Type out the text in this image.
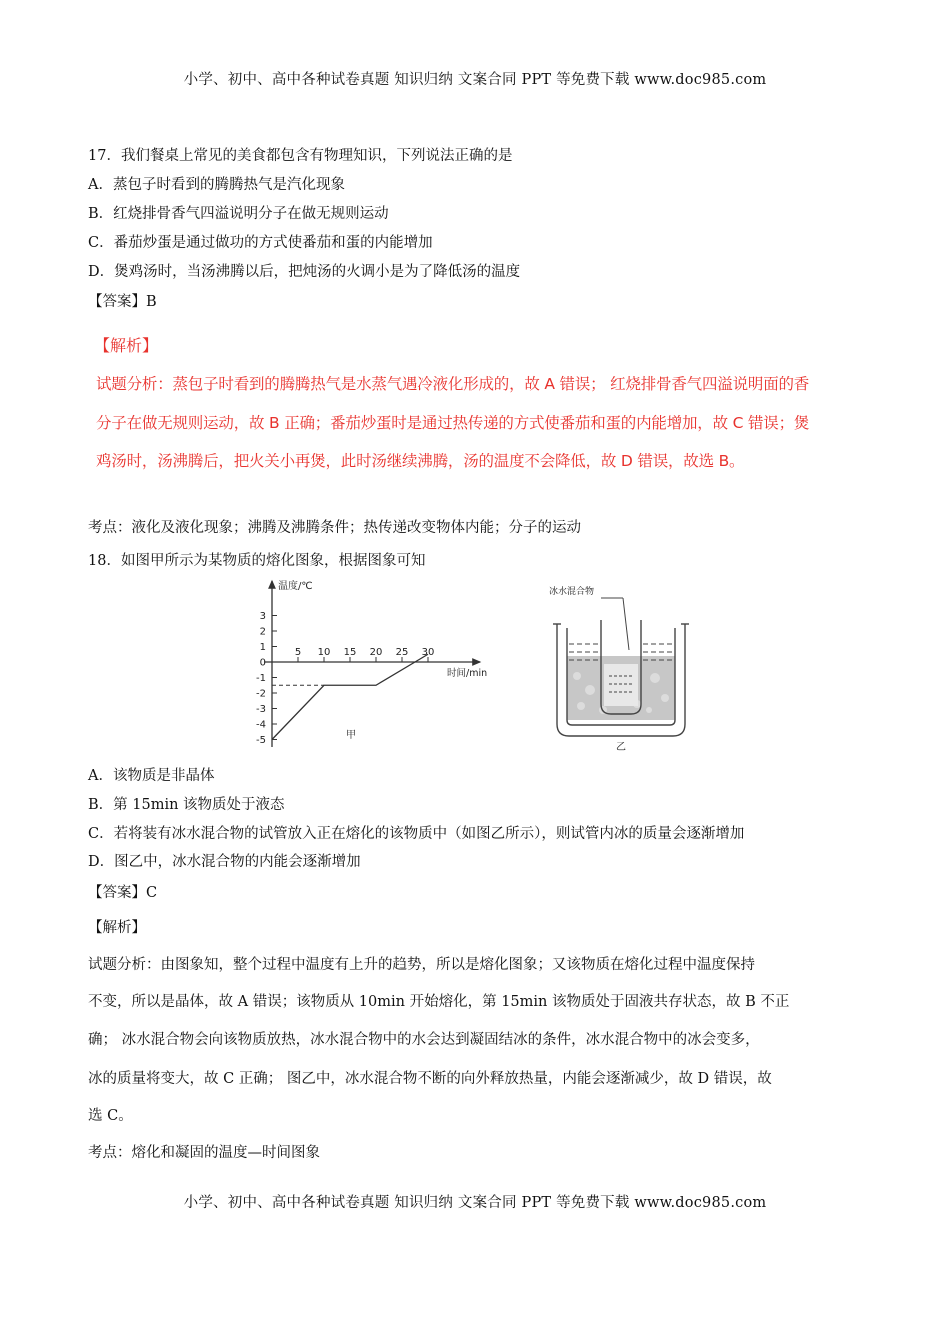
小学、初中、高中各种试卷真题 知识归纳 文案合同 PPT 等免费下载 www.doc985.com
小学、初中、高中各种试卷真题 知识归纳 文案合同 PPT 等免费下载 www.doc985.com
17．我们餐桌上常见的美食都包含有物理知识，下列说法正确的是
A．蒸包子时看到的腾腾热气是汽化现象
B．红烧排骨香气四溢说明分子在做无规则运动
C．番茄炒蛋是通过做功的方式使番茄和蛋的内能增加
D．煲鸡汤时，当汤沸腾以后，把炖汤的火调小是为了降低汤的温度
【答案】B
【解析】
试题分析：蒸包子时看到的腾腾热气是水蒸气遇冷液化形成的，故 A 错误； 红烧排骨香气四溢说明面的香
分子在做无规则运动，故 B 正确；番茄炒蛋时是通过热传递的方式使番茄和蛋的内能增加，故 C 错误；煲
鸡汤时，汤沸腾后，把火关小再煲，此时汤继续沸腾，汤的温度不会降低，故 D 错误，故选 B。
考点：液化及液化现象；沸腾及沸腾条件；热传递改变物体内能；分子的运动
18．如图甲所示为某物质的熔化图象，根据图象可知
-5
-4
-3
-2
-1
0
1
2
3
5 10 15 20 25 30
温度/℃
时间/min
甲
冰水混合物
乙
A．该物质是非晶体
B．第 15min 该物质处于液态
C．若将装有冰水混合物的试管放入正在熔化的该物质中（如图乙所示），则试管内冰的质量会逐渐增加
D．图乙中，冰水混合物的内能会逐渐增加
【答案】C
【解析】
试题分析：由图象知，整个过程中温度有上升的趋势，所以是熔化图象；又该物质在熔化过程中温度保持
不变，所以是晶体，故 A 错误；该物质从 10min 开始熔化，第 15min 该物质处于固液共存状态，故 B 不正
确； 冰水混合物会向该物质放热，冰水混合物中的水会达到凝固结冰的条件，冰水混合物中的冰会变多，
冰的质量将变大，故 C 正确； 图乙中，冰水混合物不断的向外释放热量，内能会逐渐减少，故 D 错误，故
选 C。
考点：熔化和凝固的温度—时间图象
